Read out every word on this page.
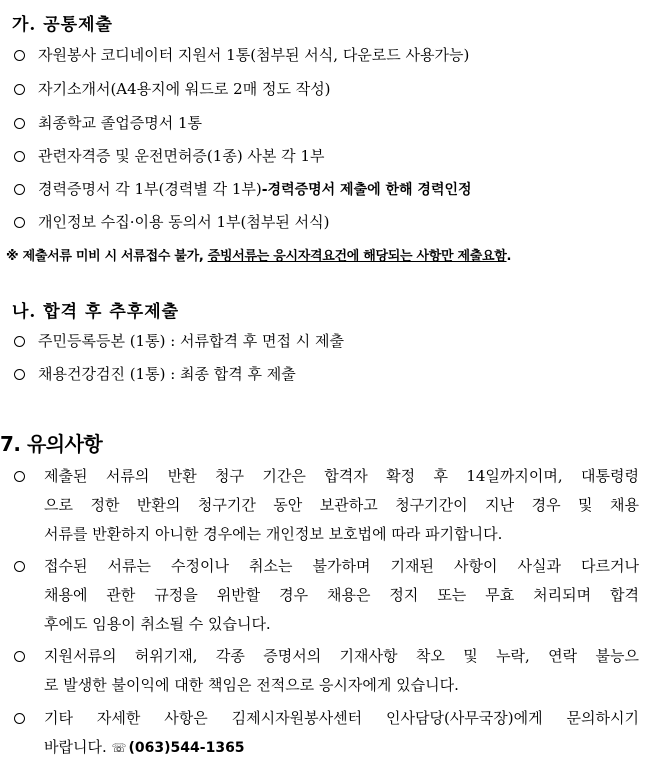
가. 공통제출
자원봉사 코디네이터 지원서 1통(첨부된 서식, 다운로드 사용가능)
자기소개서(A4용지에 워드로 2매 정도 작성)
최종학교 졸업증명서 1통
관련자격증 및 운전면허증(1종) 사본 각 1부
경력증명서 각 1부(경력별 각 1부)-경력증명서 제출에 한해 경력인정
개인정보 수집·이용 동의서 1부(첨부된 서식)
※ 제출서류 미비 시 서류접수 불가, 증빙서류는 응시자격요건에 해당되는 사항만 제출요함.
나. 합격 후 추후제출
주민등록등본 (1통) : 서류합격 후 면접 시 제출
채용건강검진 (1통) : 최종 합격 후 제출
7. 유의사항
제출된 서류의 반환 청구 기간은 합격자 확정 후 14일까지이며, 대통령령
으로 정한 반환의 청구기간 동안 보관하고 청구기간이 지난 경우 및 채용
서류를 반환하지 아니한 경우에는 개인정보 보호법에 따라 파기합니다.
접수된 서류는 수정이나 취소는 불가하며 기재된 사항이 사실과 다르거나
채용에 관한 규정을 위반할 경우 채용은 정지 또는 무효 처리되며 합격
후에도 임용이 취소될 수 있습니다.
지원서류의 허위기재, 각종 증명서의 기재사항 착오 및 누락, 연락 불능으
로 발생한 불이익에 대한 책임은 전적으로 응시자에게 있습니다.
기타 자세한 사항은 김제시자원봉사센터 인사담당(사무국장)에게 문의하시기
바랍니다. ☏ (063)544-1365
